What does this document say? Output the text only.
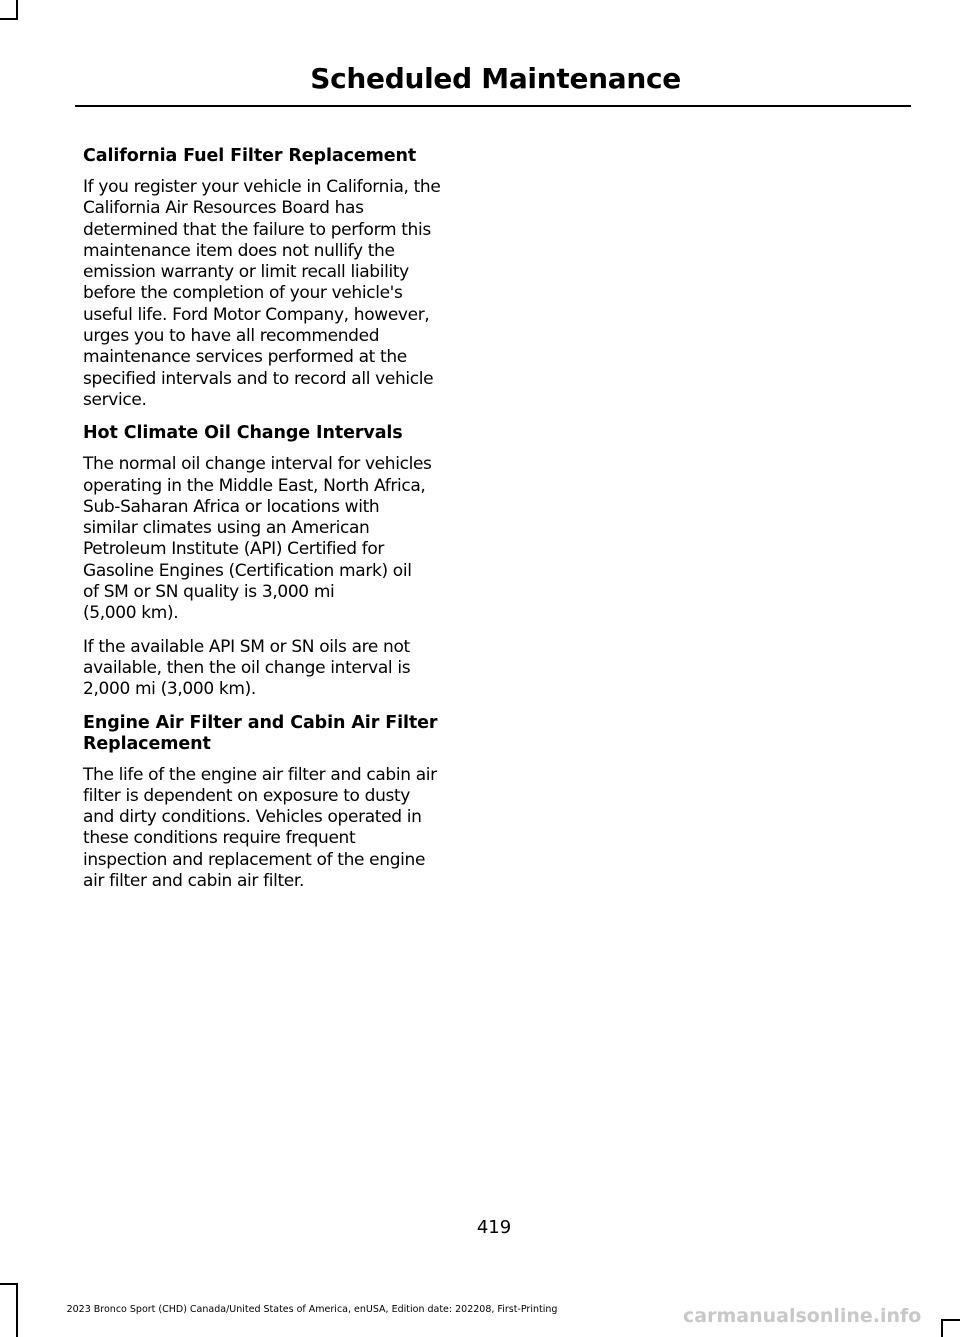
Scheduled Maintenance
California Fuel Filter Replacement

If you register your vehicle in California, the
California Air Resources Board has
determined that the failure to perform this
maintenance item does not nullify the
emission warranty or limit recall liability
before the completion of your vehicle's
useful life. Ford Motor Company, however,
urges you to have all recommended
maintenance services performed at the
specified intervals and to record all vehicle
service.

Hot Climate Oil Change Intervals

The normal oil change interval for vehicles
operating in the Middle East, North Africa,
Sub-Saharan Africa or locations with
similar climates using an American
Petroleum Institute (API) Certified for
Gasoline Engines (Certification mark) oil
of SM or SN quality is 3,000 mi
(5,000 km).

If the available API SM or SN oils are not
available, then the oil change interval is
2,000 mi (3,000 km).

Engine Air Filter and Cabin Air Filter Replacement

The life of the engine air filter and cabin air
filter is dependent on exposure to dusty
and dirty conditions. Vehicles operated in
these conditions require frequent
inspection and replacement of the engine
air filter and cabin air filter.

419
2023 Bronco Sport (CHD) Canada/United States of America, enUSA, Edition date: 202208, First-Printing	carmanualsonline.info
